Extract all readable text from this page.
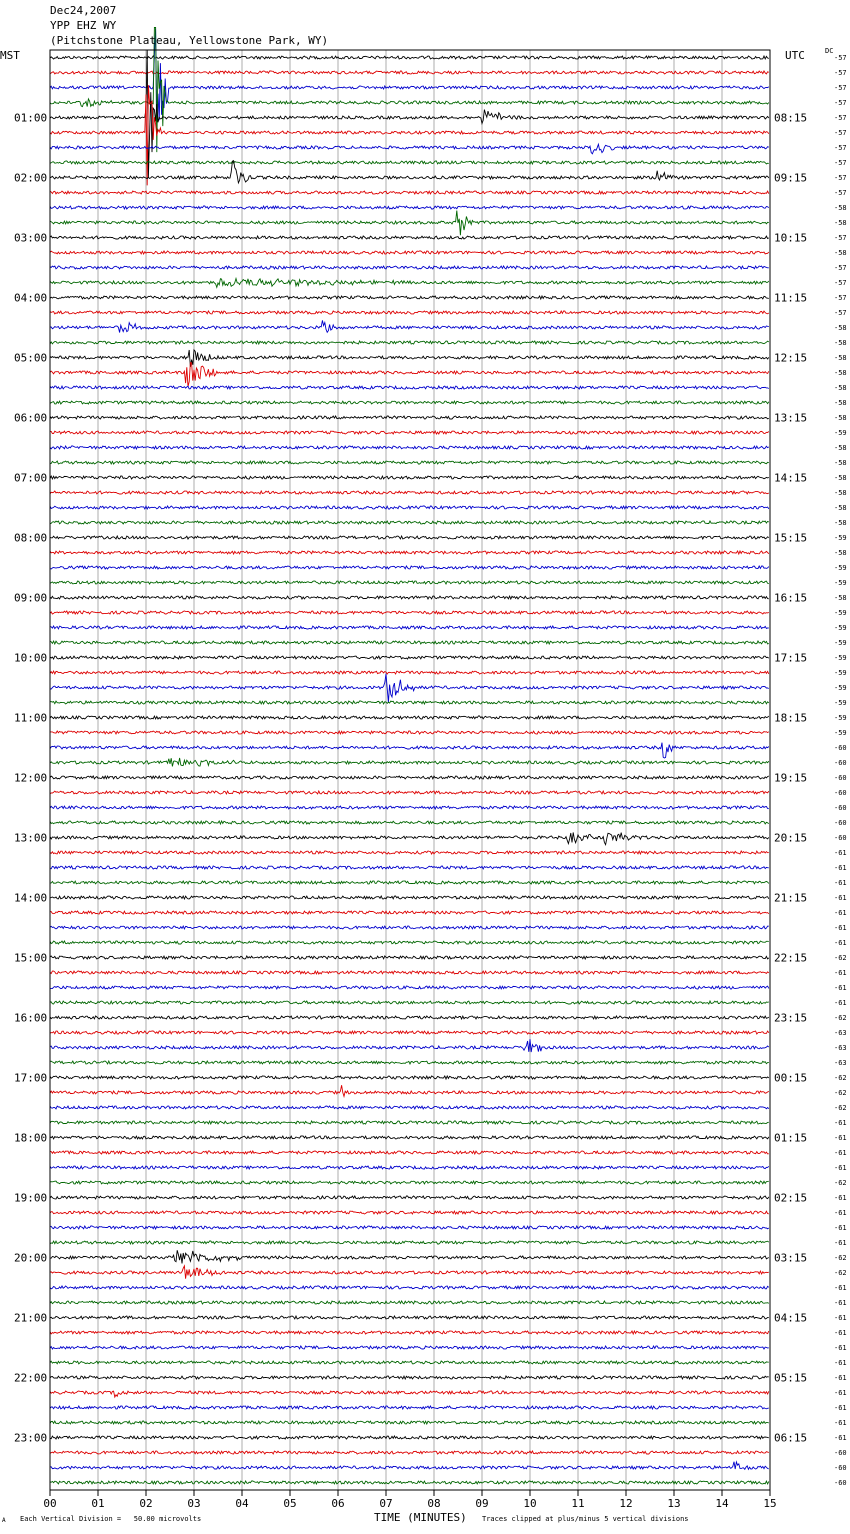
00	01	02	03	04	05	06	07	08	09	10	11	12	13	14	15
-57
-57
-57
-57
-57
-57
-57
-57
-57
-57
-58
-58
-57
-58
-57
-57
-57
-57
-58
-58
-58
-58
-58
-58
-58
-59
-58
-58
-58
-58
-58
-58
-59
-58
-59
-59
-58
-59
-59
-59
-59
-59
-59
-59
-59
-59
-60
-60
-60
-60
-60
-60
-60
-61
-61
-61
-61
-61
-61
-61
-62
-61
-61
-61
-62
-63
-63
-63
-62
-62
-62
-61
-61
-61
-61
-62
-61
-61
-61
-61
-62
-62
-61
-61
-61
-61
-61
-61
-61
-61
-61
-61
-61
-60
-60
-60
01:00
02:00
03:00
04:00
05:00
06:00
07:00
08:00
09:00
10:00
11:00
12:00
13:00
14:00
15:00
16:00
17:00
18:00
19:00
20:00
21:00
22:00
23:00
08:15
09:15
10:15
11:15
12:15
13:15
14:15
15:15
16:15
17:15
18:15
19:15
20:15
21:15
22:15
23:15
00:15
01:15
02:15
03:15
04:15
05:15
06:15
Dec24,2007
YPP EHZ WY
(Pitchstone Plateau, Yellowstone Park, WY)
MST	UTC	DC
A Each Vertical Division =   50.00 microvolts	TIME (MINUTES) Traces clipped at plus/minus 5 vertical divisions
